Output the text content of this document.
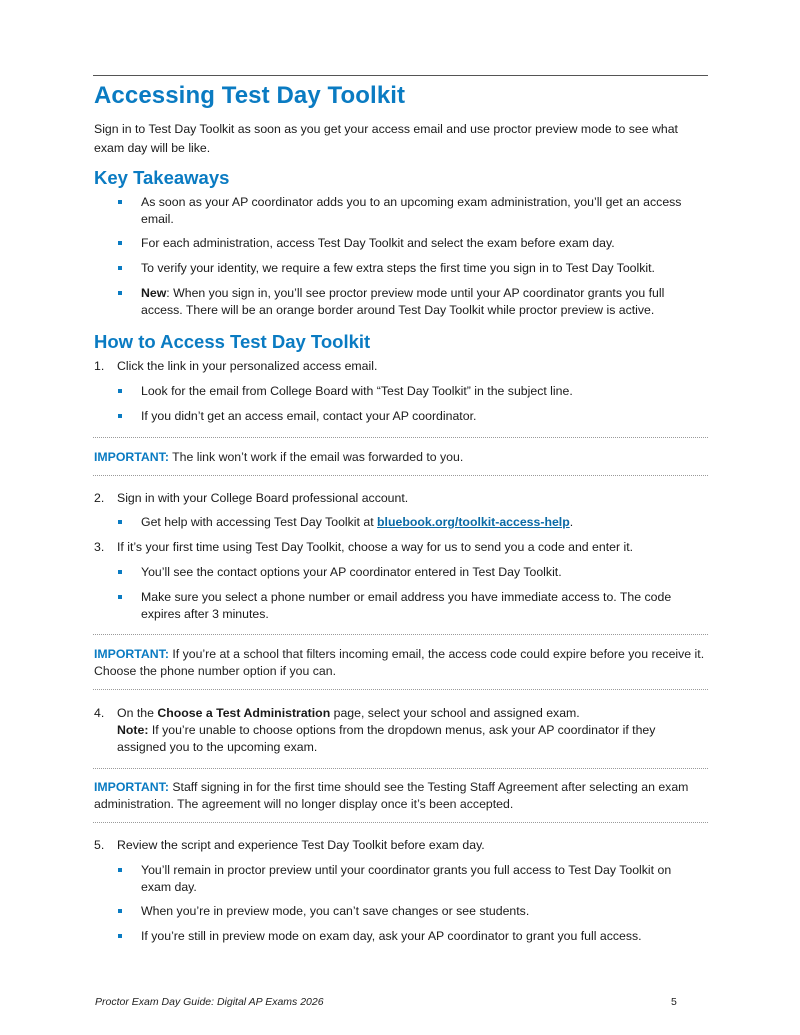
Accessing Test Day Toolkit

Sign in to Test Day Toolkit as soon as you get your access email and use proctor preview mode to see what exam day will be like.

Key Takeaways
As soon as your AP coordinator adds you to an upcoming exam administration, you’ll get an access email.
For each administration, access Test Day Toolkit and select the exam before exam day.
To verify your identity, we require a few extra steps the first time you sign in to Test Day Toolkit.
New: When you sign in, you’ll see proctor preview mode until your AP coordinator grants you full access. There will be an orange border around Test Day Toolkit while proctor preview is active.
How to Access Test Day Toolkit
1. Click the link in your personalized access email.
Look for the email from College Board with “Test Day Toolkit” in the subject line.
If you didn’t get an access email, contact your AP coordinator.
IMPORTANT: The link won’t work if the email was forwarded to you.
2. Sign in with your College Board professional account.
Get help with accessing Test Day Toolkit at bluebook.org/toolkit-access-help.
3. If it’s your first time using Test Day Toolkit, choose a way for us to send you a code and enter it.
You’ll see the contact options your AP coordinator entered in Test Day Toolkit.
Make sure you select a phone number or email address you have immediate access to. The code expires after 3 minutes.
IMPORTANT: If you’re at a school that filters incoming email, the access code could expire before you receive it. Choose the phone number option if you can.
4. On the Choose a Test Administration page, select your school and assigned exam.
Note: If you’re unable to choose options from the dropdown menus, ask your AP coordinator if they assigned you to the upcoming exam.
IMPORTANT: Staff signing in for the first time should see the Testing Staff Agreement after selecting an exam administration. The agreement will no longer display once it’s been accepted.
5. Review the script and experience Test Day Toolkit before exam day.
You’ll remain in proctor preview until your coordinator grants you full access to Test Day Toolkit on exam day.
When you’re in preview mode, you can’t save changes or see students.
If you’re still in preview mode on exam day, ask your AP coordinator to grant you full access.
Proctor Exam Day Guide: Digital AP Exams 2026	5
